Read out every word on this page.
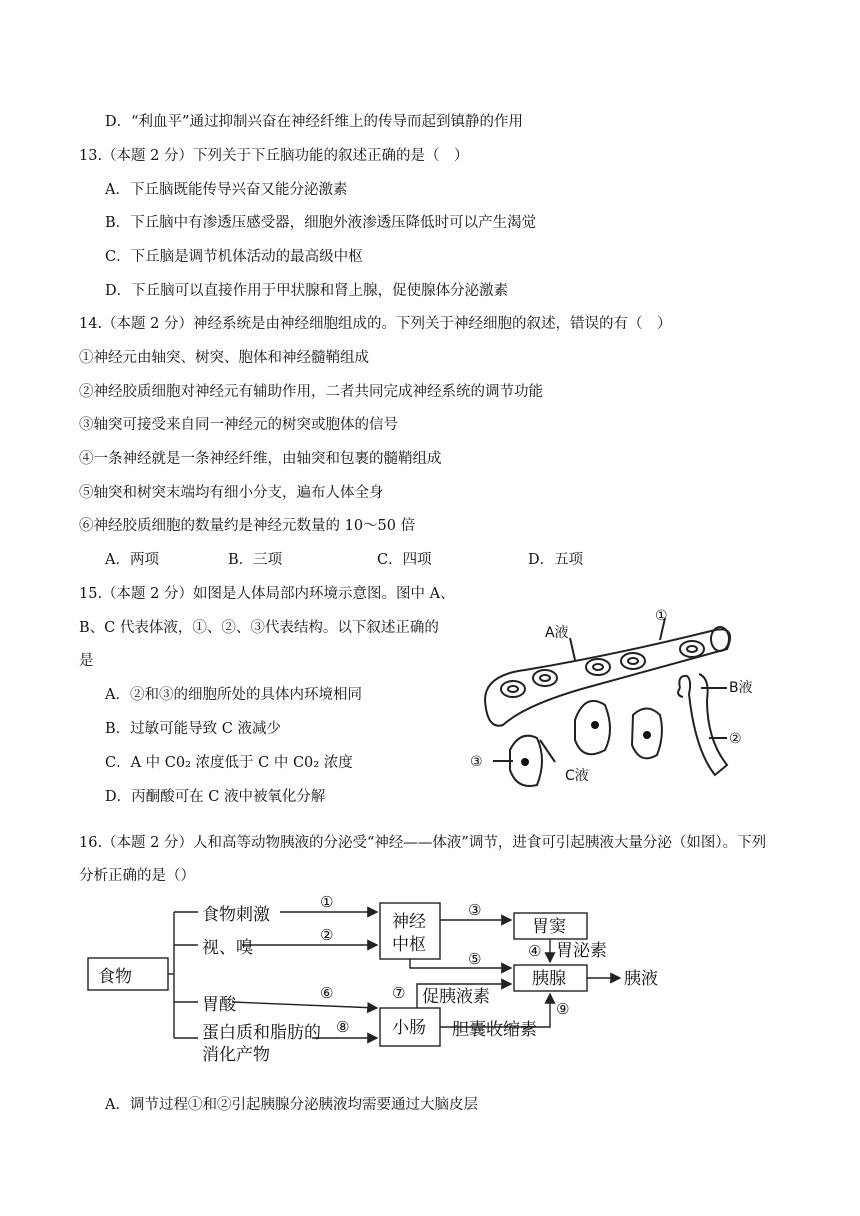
D．“利血平”通过抑制兴奋在神经纤维上的传导而起到镇静的作用
13.（本题 2 分）下列关于下丘脑功能的叙述正确的是（　）
A．下丘脑既能传导兴奋又能分泌激素
B．下丘脑中有渗透压感受器，细胞外液渗透压降低时可以产生渴觉
C．下丘脑是调节机体活动的最高级中枢
D．下丘脑可以直接作用于甲状腺和肾上腺，促使腺体分泌激素
14.（本题 2 分）神经系统是由神经细胞组成的。下列关于神经细胞的叙述，错误的有（　）
①神经元由轴突、树突、胞体和神经髓鞘组成
②神经胶质细胞对神经元有辅助作用，二者共同完成神经系统的调节功能
③轴突可接受来自同一神经元的树突或胞体的信号
④一条神经就是一条神经纤维，由轴突和包裹的髓鞘组成
⑤轴突和树突末端均有细小分支，遍布人体全身
⑥神经胶质细胞的数量约是神经元数量的 10～50 倍
A．两项	B．三项	C．四项	D．五项
15.（本题 2 分）如图是人体局部内环境示意图。图中 A、
B、C 代表体液，①、②、③代表结构。以下叙述正确的
是
A．②和③的细胞所处的具体内环境相同
B．过敏可能导致 C 液减少
C．A 中 C0₂ 浓度低于 C 中 C0₂ 浓度
D．丙酮酸可在 C 液中被氧化分解
A液
B液
C液
①
②
③
16.（本题 2 分）人和高等动物胰液的分泌受“神经——体液”调节，进食可引起胰液大量分泌（如图）。下列
分析正确的是（）
食物
食物刺激
视、嗅
胃酸
蛋白质和脂肪的
消化产物
神经
中枢
胃窦
胃泌素
胰腺	胰液
促胰液素
小肠 胆囊收缩素
①
②
③
④
⑤
⑥	⑦
⑧
⑨
A．调节过程①和②引起胰腺分泌胰液均需要通过大脑皮层
